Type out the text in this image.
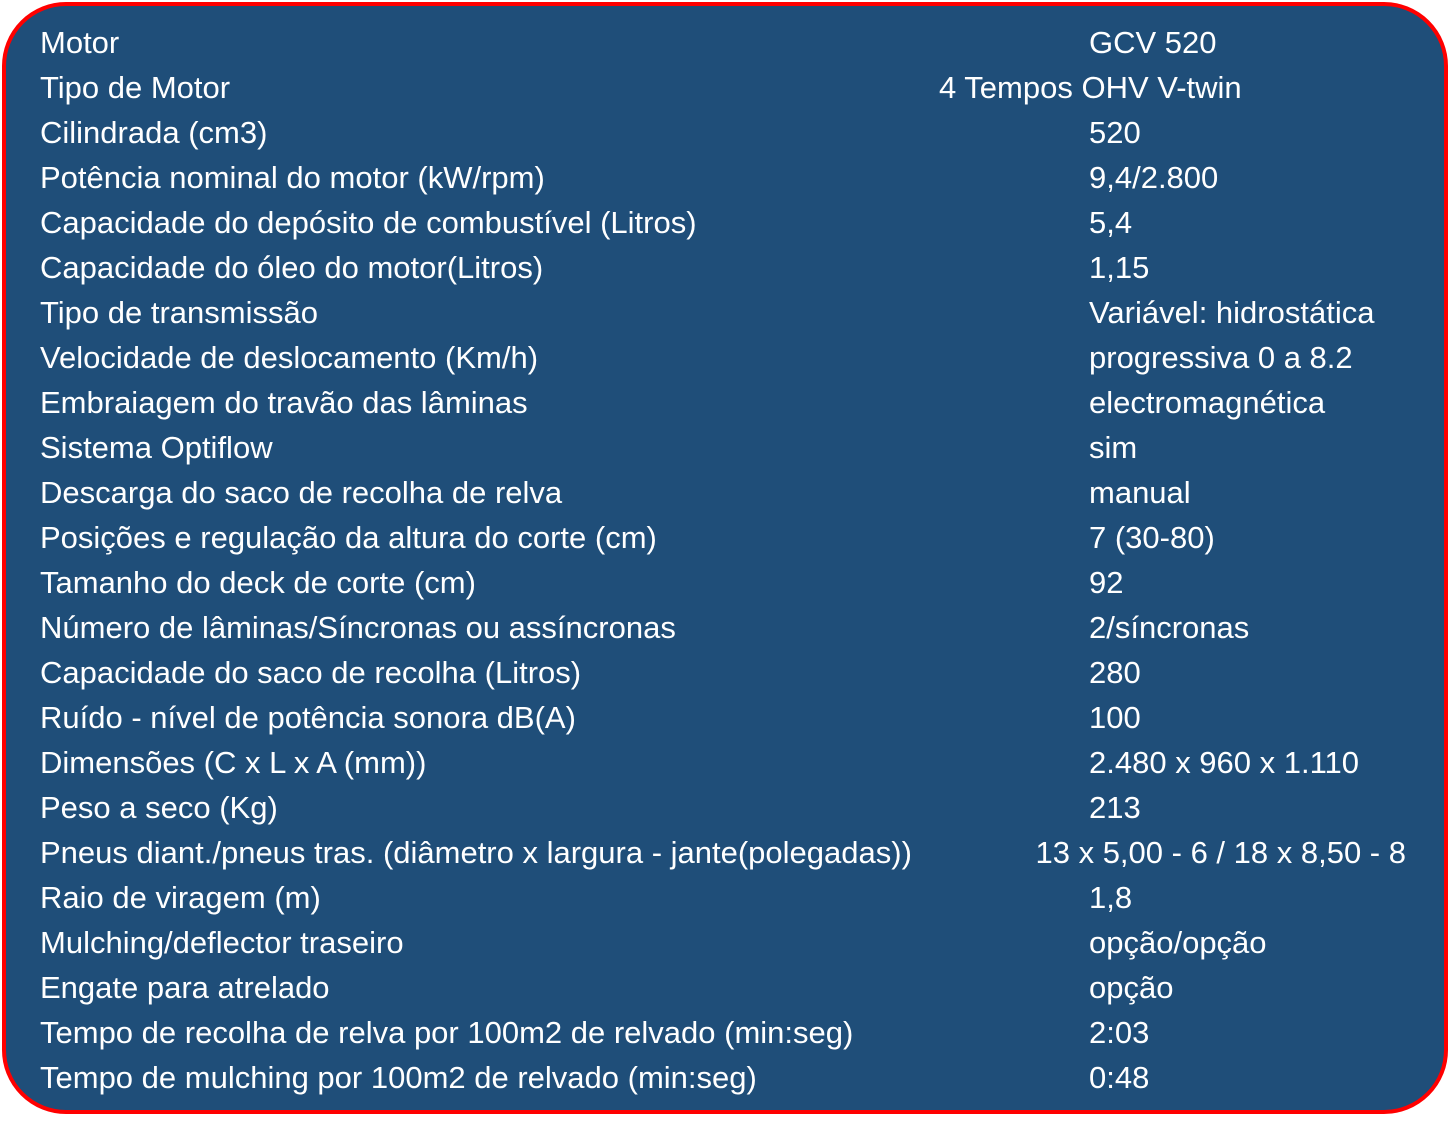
Motor	GCV 520
Tipo de Motor	4 Tempos OHV V-twin
Cilindrada (cm3)	520
Potência nominal do motor (kW/rpm)	9,4/2.800
Capacidade do depósito de combustível (Litros)	5,4
Capacidade do óleo do motor(Litros)	1,15
Tipo de transmissão	Variável: hidrostática
Velocidade de deslocamento (Km/h)	progressiva 0 a 8.2
Embraiagem do travão das lâminas	electromagnética
Sistema Optiflow	sim
Descarga do saco de recolha de relva	manual
Posições e regulação da altura do corte (cm)	7 (30-80)
Tamanho do deck de corte (cm)	92
Número de lâminas/Síncronas ou assíncronas	2/síncronas
Capacidade do saco de recolha (Litros)	280
Ruído - nível de potência sonora dB(A)	100
Dimensões (C x L x A (mm))	2.480 x 960 x 1.110
Peso a seco (Kg)	213
Pneus diant./pneus tras. (diâmetro x largura - jante(polegadas))	13 x 5,00 - 6 / 18 x 8,50 - 8
Raio de viragem (m)	1,8
Mulching/deflector traseiro	opção/opção
Engate para atrelado	opção
Tempo de recolha de relva por 100m2 de relvado (min:seg)	2:03
Tempo de mulching por 100m2 de relvado (min:seg)	0:48
